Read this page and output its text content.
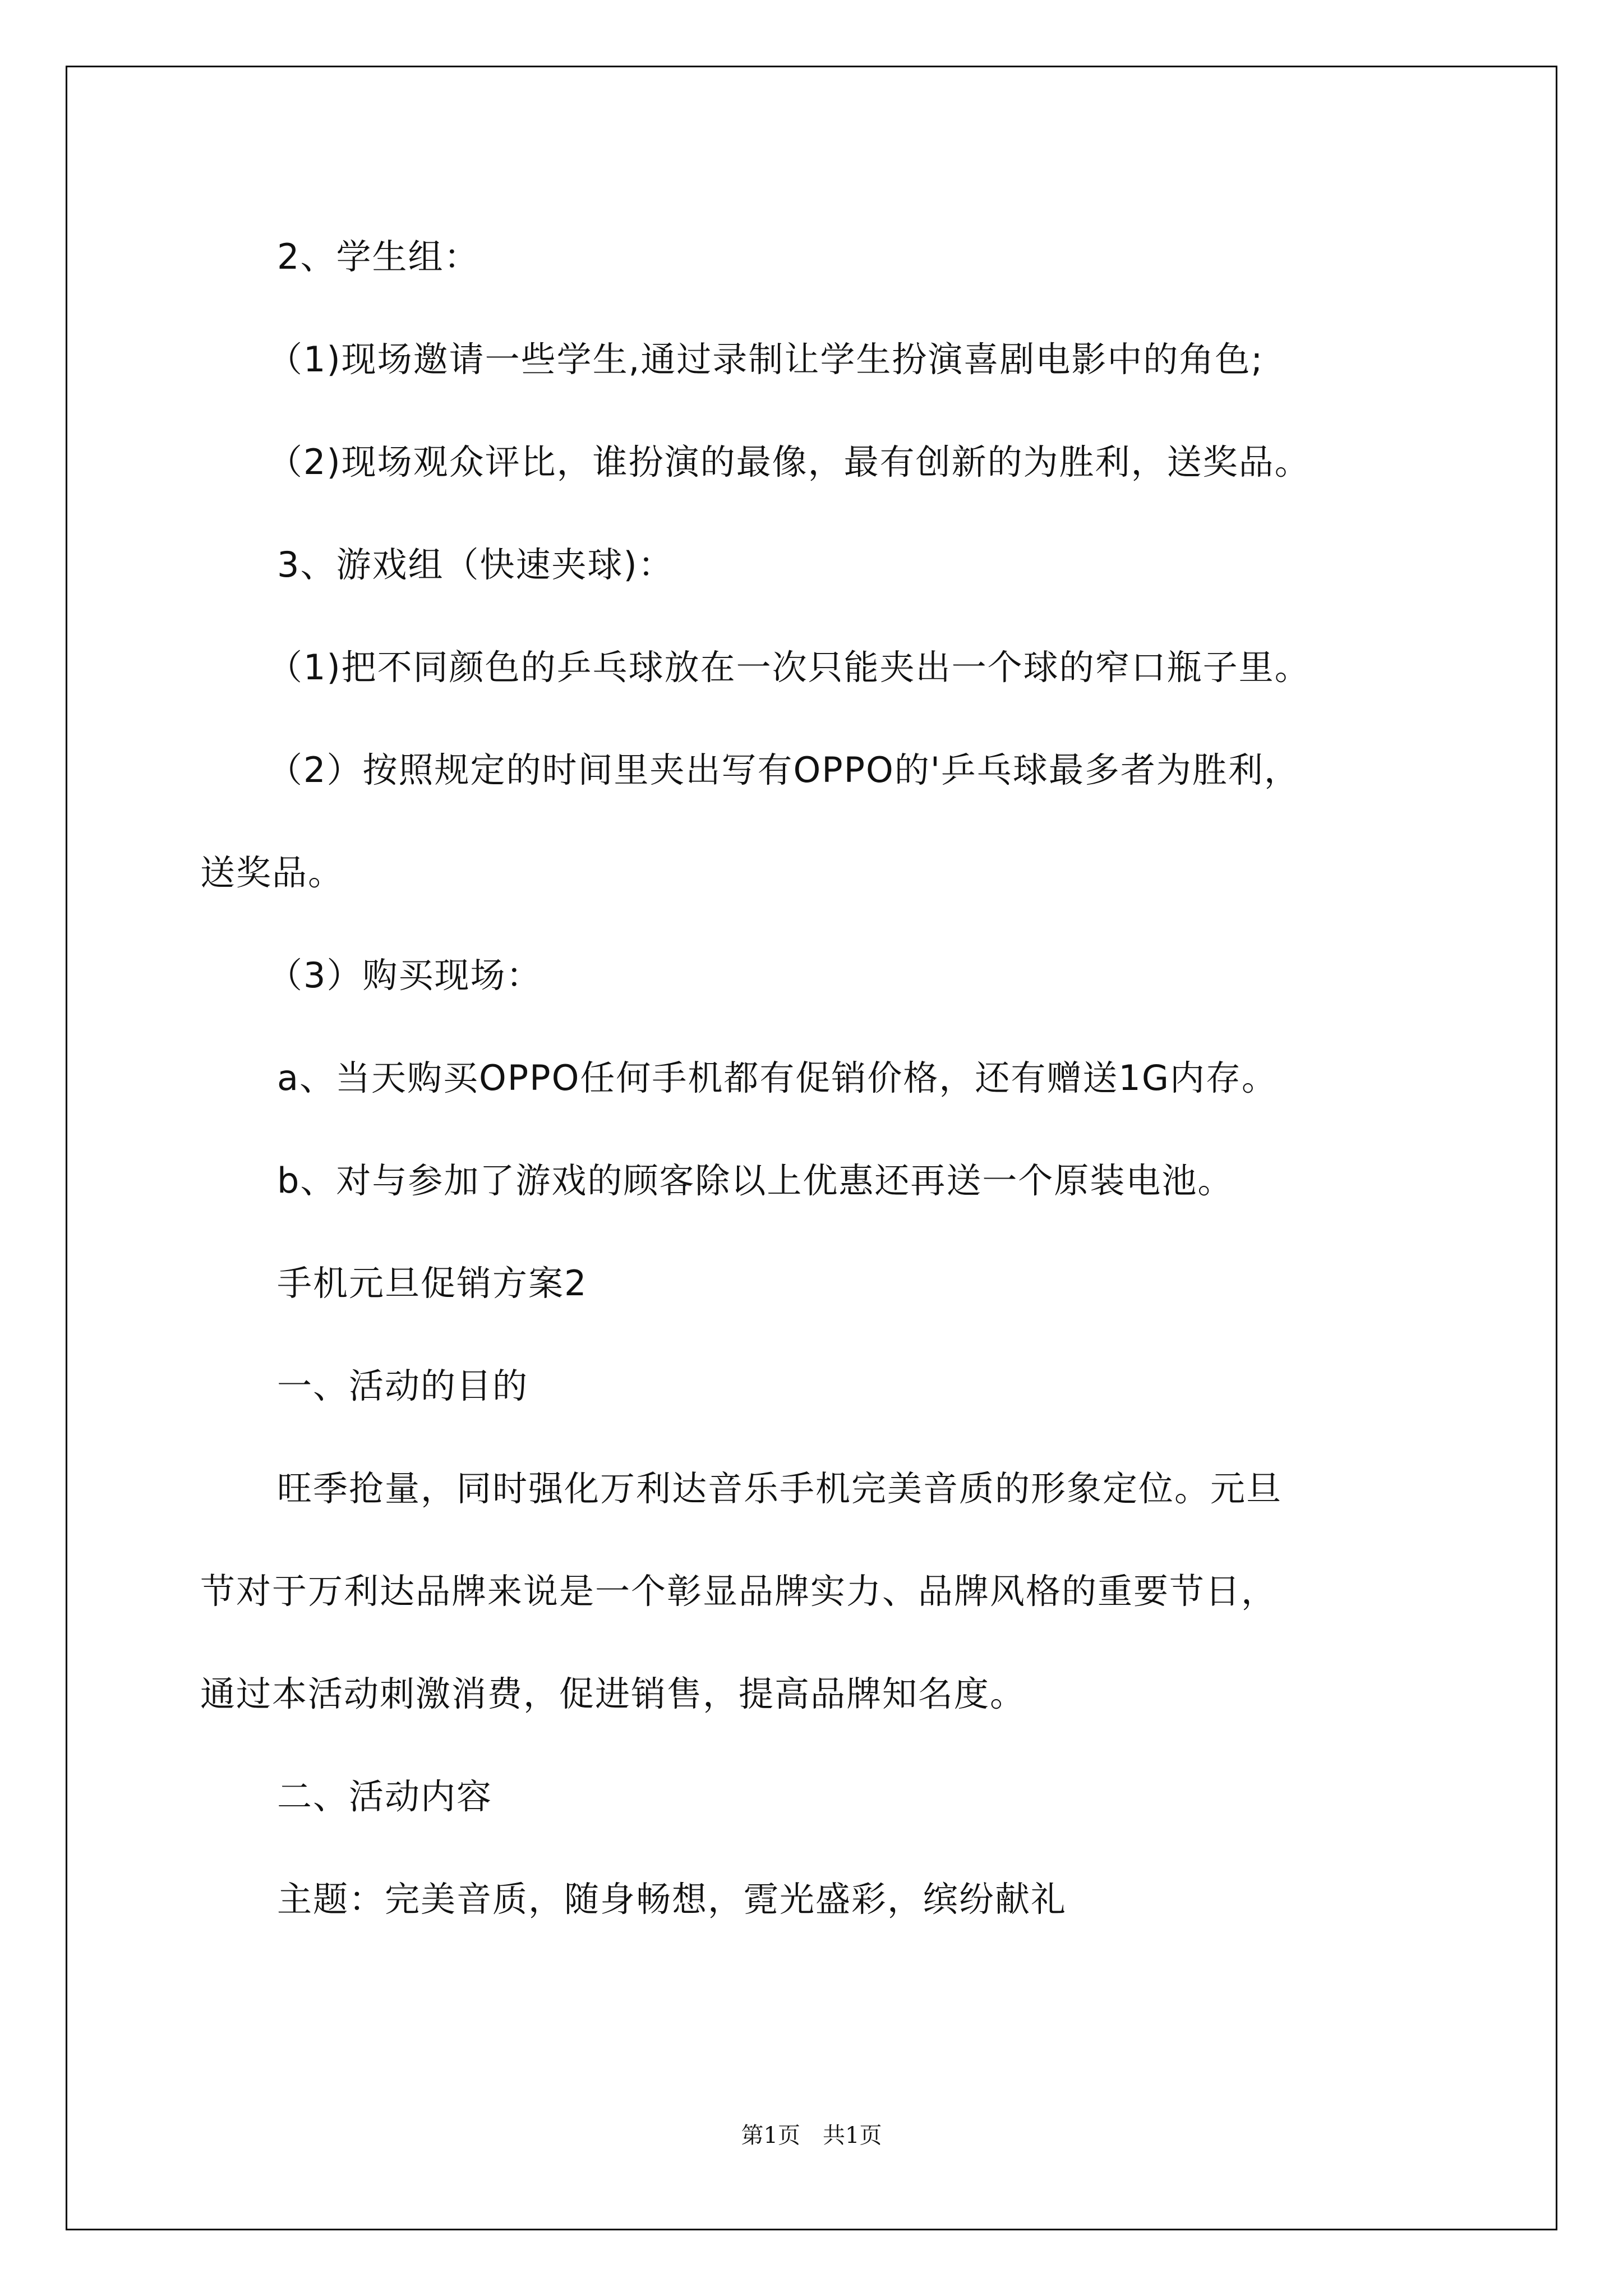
2、学生组：
（1)现场邀请一些学生,通过录制让学生扮演喜剧电影中的角色;
（2)现场观众评比，谁扮演的最像，最有创新的为胜利，送奖品。
3、游戏组（快速夹球)：
（1)把不同颜色的乒乓球放在一次只能夹出一个球的窄口瓶子里。
（2）按照规定的时间里夹出写有OPPO的'乒乓球最多者为胜利，
送奖品。
（3）购买现场：
a、当天购买OPPO任何手机都有促销价格，还有赠送1G内存。
b、对与参加了游戏的顾客除以上优惠还再送一个原装电池。
手机元旦促销方案2
一、活动的目的
旺季抢量，同时强化万利达音乐手机完美音质的形象定位。元旦
节对于万利达品牌来说是一个彰显品牌实力、品牌风格的重要节日，
通过本活动刺激消费，促进销售，提高品牌知名度。
二、活动内容
主题：完美音质，随身畅想，霓光盛彩，缤纷献礼
第1页　共1页
